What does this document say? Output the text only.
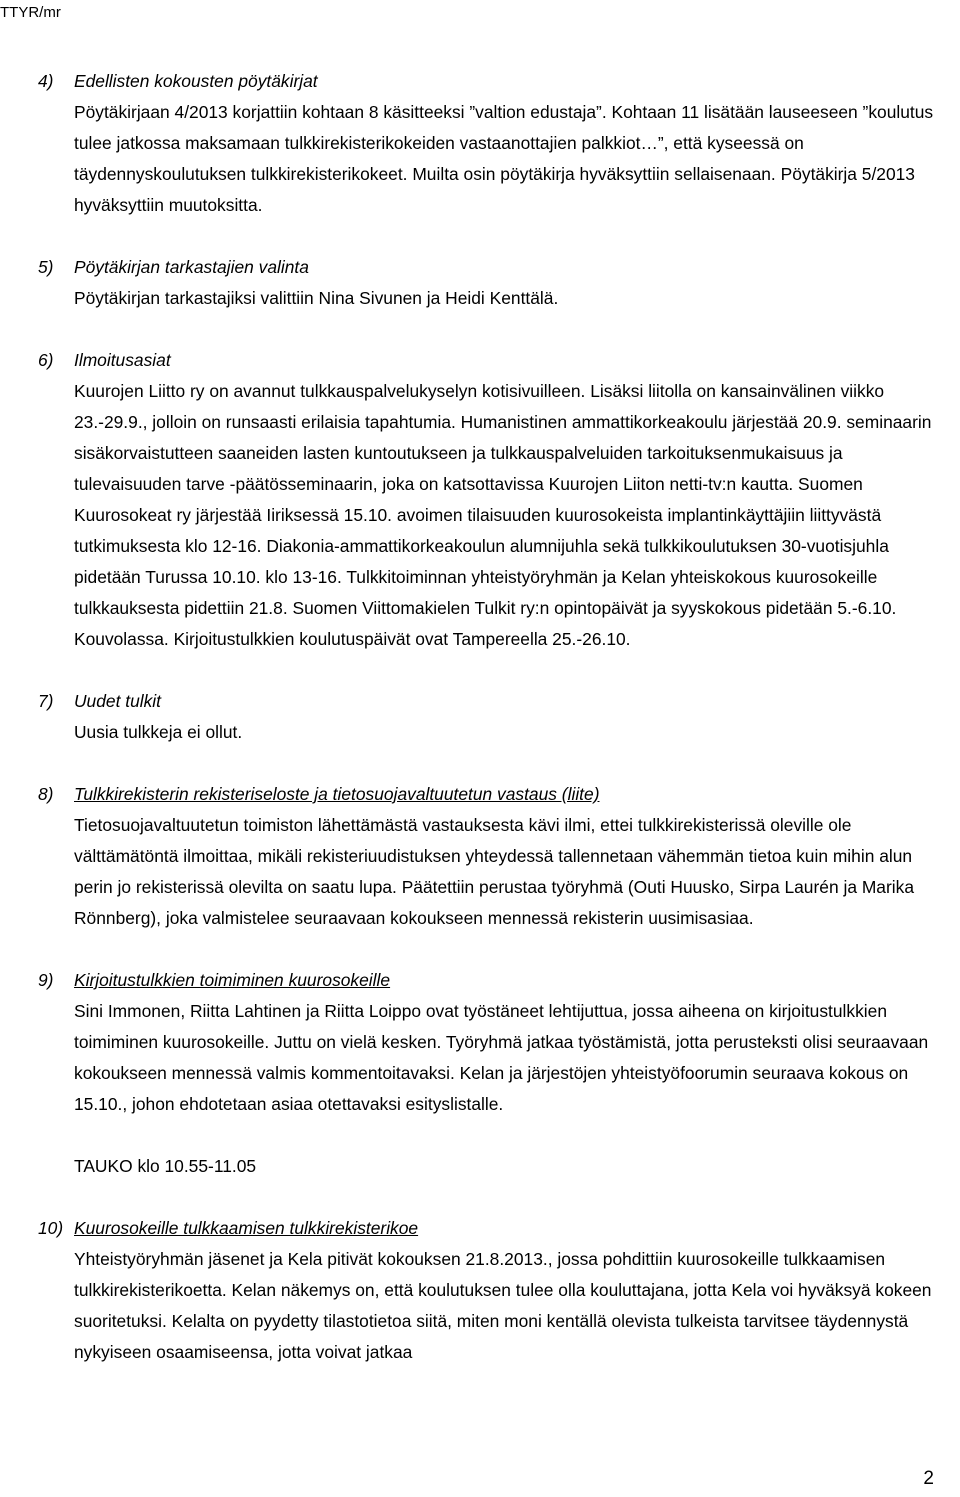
TTYR/mr
4)	Edellisten kokousten pöytäkirjat

Pöytäkirjaan 4/2013 korjattiin kohtaan 8 käsitteeksi ”valtion edustaja”. Kohtaan 11 lisätään lauseeseen ”koulutus tulee jatkossa maksamaan tulkkirekisterikokeiden vastaanottajien palkkiot…”, että kyseessä on täydennyskoulutuksen tulkkirekisterikokeet. Muilta osin pöytäkirja hyväksyttiin sellaisenaan. Pöytäkirja 5/2013 hyväksyttiin muutoksitta.

5)	Pöytäkirjan tarkastajien valinta

Pöytäkirjan tarkastajiksi valittiin Nina Sivunen ja Heidi Kenttälä.

6)	Ilmoitusasiat

Kuurojen Liitto ry on avannut tulkkauspalvelukyselyn kotisivuilleen. Lisäksi liitolla on kansainvälinen viikko 23.-29.9., jolloin on runsaasti erilaisia tapahtumia. Humanistinen ammattikorkeakoulu järjestää 20.9. seminaarin sisäkorvaistutteen saaneiden lasten kuntoutukseen ja tulkkauspalveluiden tarkoituksenmukaisuus ja tulevaisuuden tarve -päätösseminaarin, joka on katsottavissa Kuurojen Liiton netti-tv:n kautta. Suomen Kuurosokeat ry järjestää Iiriksessä 15.10. avoimen tilaisuuden kuurosokeista implantinkäyttäjiin liittyvästä tutkimuksesta klo 12-16. Diakonia-ammattikorkeakoulun alumnijuhla sekä tulkkikoulutuksen 30-vuotisjuhla pidetään Turussa 10.10. klo 13-16. Tulkkitoiminnan yhteistyöryhmän ja Kelan yhteiskokous kuurosokeille tulkkauksesta pidettiin 21.8. Suomen Viittomakielen Tulkit ry:n opintopäivät ja syyskokous pidetään 5.-6.10. Kouvolassa. Kirjoitustulkkien koulutuspäivät ovat Tampereella 25.-26.10.

7)	Uudet tulkit

Uusia tulkkeja ei ollut.

8)	Tulkkirekisterin rekisteriseloste ja tietosuojavaltuutetun vastaus (liite)

Tietosuojavaltuutetun toimiston lähettämästä vastauksesta kävi ilmi, ettei tulkkirekisterissä oleville ole välttämätöntä ilmoittaa, mikäli rekisteriuudistuksen yhteydessä tallennetaan vähemmän tietoa kuin mihin alun perin jo rekisterissä olevilta on saatu lupa. Päätettiin perustaa työryhmä (Outi Huusko, Sirpa Laurén ja Marika Rönnberg), joka valmistelee seuraavaan kokoukseen mennessä rekisterin uusimisasiaa.

9)	Kirjoitustulkkien toimiminen kuurosokeille

Sini Immonen, Riitta Lahtinen ja Riitta Loippo ovat työstäneet lehtijuttua, jossa aiheena on kirjoitustulkkien toimiminen kuurosokeille. Juttu on vielä kesken. Työryhmä jatkaa työstämistä, jotta perusteksti olisi seuraavaan kokoukseen mennessä valmis kommentoitavaksi. Kelan ja järjestöjen yhteistyöfoorumin seuraava kokous on 15.10., johon ehdotetaan asiaa otettavaksi esityslistalle.

TAUKO klo 10.55-11.05
10) Kuurosokeille tulkkaamisen tulkkirekisterikoe

Yhteistyöryhmän jäsenet ja Kela pitivät kokouksen 21.8.2013., jossa pohdittiin kuurosokeille tulkkaamisen tulkkirekisterikoetta. Kelan näkemys on, että koulutuksen tulee olla kouluttajana, jotta Kela voi hyväksyä kokeen suoritetuksi. Kelalta on pyydetty tilastotietoa siitä, miten moni kentällä olevista tulkeista tarvitsee täydennystä nykyiseen osaamiseensa, jotta voivat jatkaa

2
